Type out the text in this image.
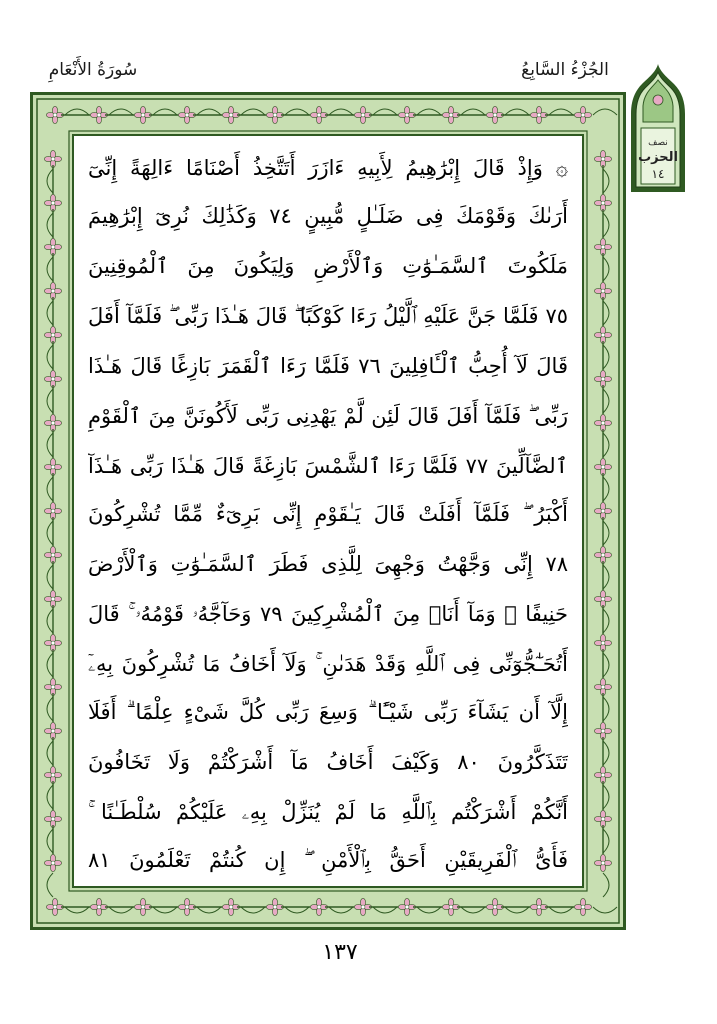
الجُزْءُ السَّابِعُ
سُورَةُ الأَنْعَامِ
نصف
الحزب
١٤
۞ وَإِذْ قَالَ إِبْرَٰهِيمُ لِأَبِيهِ ءَازَرَ أَتَتَّخِذُ أَصْنَامًا ءَالِهَةً إِنِّىٓ
أَرَىٰكَ وَقَوْمَكَ فِى ضَلَـٰلٍ مُّبِينٍ ٧٤ وَكَذَٰلِكَ نُرِىٓ إِبْرَٰهِيمَ
مَلَكُوتَ ٱلسَّمَـٰوَٰتِ وَٱلْأَرْضِ وَلِيَكُونَ مِنَ ٱلْمُوقِنِينَ
٧٥ فَلَمَّا جَنَّ عَلَيْهِ ٱلَّيْلُ رَءَا كَوْكَبًا ۖ قَالَ هَـٰذَا رَبِّى ۖ فَلَمَّآ أَفَلَ
قَالَ لَآ أُحِبُّ ٱلْـَٔافِلِينَ ٧٦ فَلَمَّا رَءَا ٱلْقَمَرَ بَازِغًا قَالَ هَـٰذَا
رَبِّى ۖ فَلَمَّآ أَفَلَ قَالَ لَئِن لَّمْ يَهْدِنِى رَبِّى لَأَكُونَنَّ مِنَ ٱلْقَوْمِ
ٱلضَّآلِّينَ ٧٧ فَلَمَّا رَءَا ٱلشَّمْسَ بَازِغَةً قَالَ هَـٰذَا رَبِّى هَـٰذَآ
أَكْبَرُ ۖ فَلَمَّآ أَفَلَتْ قَالَ يَـٰقَوْمِ إِنِّى بَرِىٓءٌ مِّمَّا تُشْرِكُونَ
٧٨ إِنِّى وَجَّهْتُ وَجْهِىَ لِلَّذِى فَطَرَ ٱلسَّمَـٰوَٰتِ وَٱلْأَرْضَ
حَنِيفًا ۖ وَمَآ أَنَا۠ مِنَ ٱلْمُشْرِكِينَ ٧٩ وَحَآجَّهُۥ قَوْمُهُۥ ۚ قَالَ
أَتُحَـٰٓجُّوٓنِّى فِى ٱللَّهِ وَقَدْ هَدَىٰنِ ۚ وَلَآ أَخَافُ مَا تُشْرِكُونَ بِهِۦٓ
إِلَّآ أَن يَشَآءَ رَبِّى شَيْـًٔا ۗ وَسِعَ رَبِّى كُلَّ شَىْءٍ عِلْمًا ۗ أَفَلَا
تَتَذَكَّرُونَ ٨٠ وَكَيْفَ أَخَافُ مَآ أَشْرَكْتُمْ وَلَا تَخَافُونَ
أَنَّكُمْ أَشْرَكْتُم بِٱللَّهِ مَا لَمْ يُنَزِّلْ بِهِۦ عَلَيْكُمْ سُلْطَـٰنًا ۚ
فَأَىُّ ٱلْفَرِيقَيْنِ أَحَقُّ بِٱلْأَمْنِ ۖ إِن كُنتُمْ تَعْلَمُونَ ٨١
١٣٧
